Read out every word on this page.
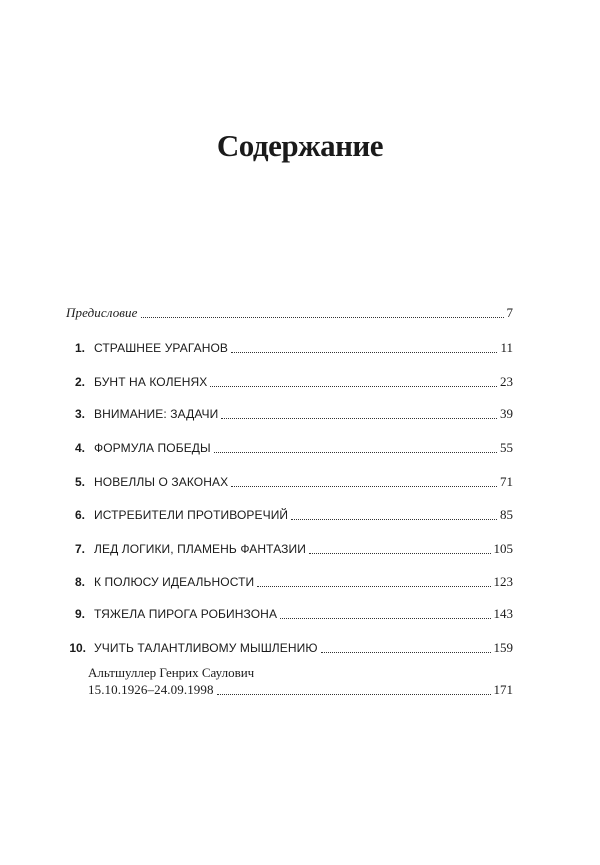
Содержание
Предисловие	7
1. СТРАШНЕЕ УРАГАНОВ	11
2. БУНТ НА КОЛЕНЯХ	23
3. ВНИМАНИЕ: ЗАДАЧИ	39
4. ФОРМУЛА ПОБЕДЫ	55
5. НОВЕЛЛЫ О ЗАКОНАХ	71
6. ИСТРЕБИТЕЛИ ПРОТИВОРЕЧИЙ	85
7. ЛЕД ЛОГИКИ, ПЛАМЕНЬ ФАНТАЗИИ	105
8. К ПОЛЮСУ ИДЕАЛЬНОСТИ	123
9. ТЯЖЕЛА ПИРОГА РОБИНЗОНА	143
10. УЧИТЬ ТАЛАНТЛИВОМУ МЫШЛЕНИЮ	159
Альтшуллер Генрих Саулович
15.10.1926–24.09.1998	171
